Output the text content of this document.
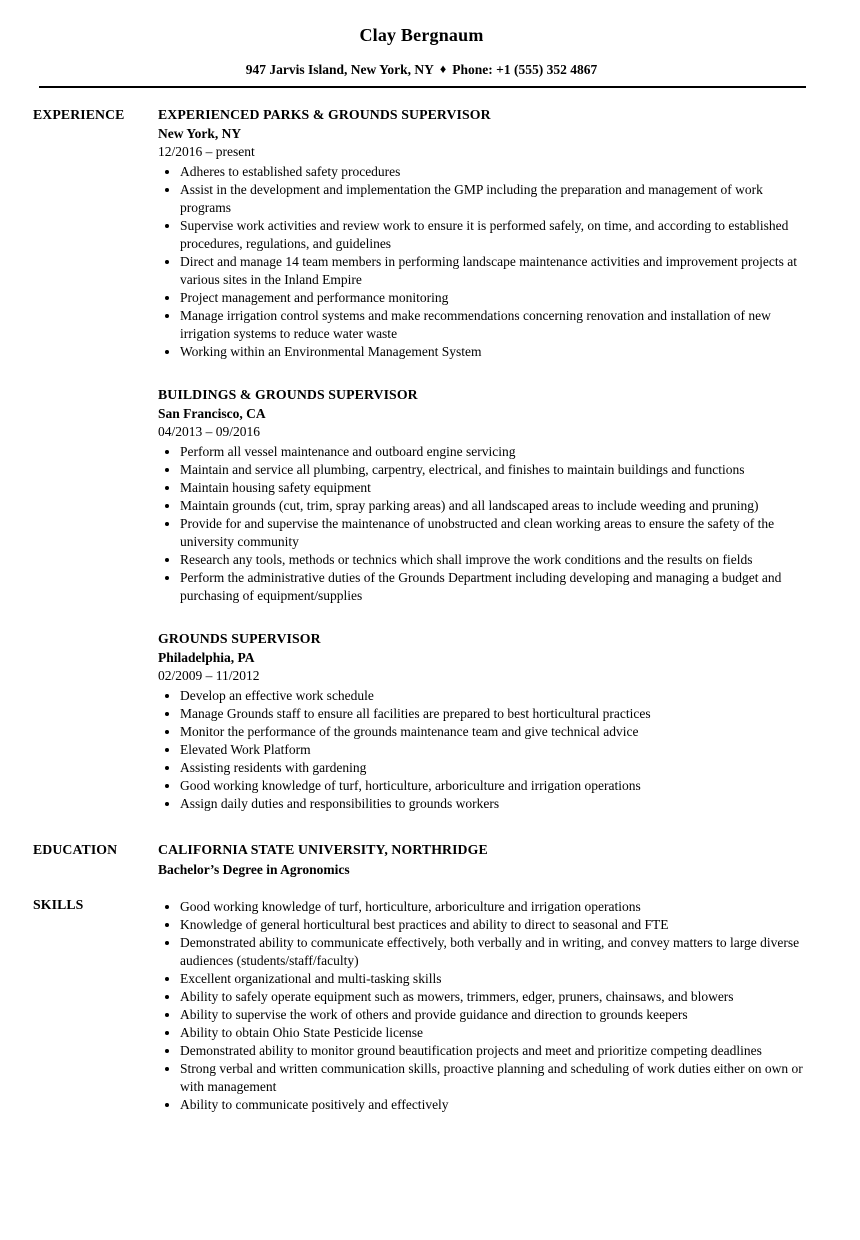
Clay Bergnaum
947 Jarvis Island, New York, NY ♦ Phone: +1 (555) 352 4867
EXPERIENCE	EXPERIENCED PARKS & GROUNDS SUPERVISOR
New York, NY
12/2016 – present
• Adheres to established safety procedures
• Assist in the development and implementation the GMP including the preparation and management of work programs
• Supervise work activities and review work to ensure it is performed safely, on time, and according to established procedures, regulations, and guidelines
• Direct and manage 14 team members in performing landscape maintenance activities and improvement projects at various sites in the Inland Empire
• Project management and performance monitoring
• Manage irrigation control systems and make recommendations concerning renovation and installation of new irrigation systems to reduce water waste
• Working within an Environmental Management System
BUILDINGS & GROUNDS SUPERVISOR
San Francisco, CA
04/2013 – 09/2016
• Perform all vessel maintenance and outboard engine servicing
• Maintain and service all plumbing, carpentry, electrical, and finishes to maintain buildings and functions
• Maintain housing safety equipment
• Maintain grounds (cut, trim, spray parking areas) and all landscaped areas to include weeding and pruning)
• Provide for and supervise the maintenance of unobstructed and clean working areas to ensure the safety of the university community
• Research any tools, methods or technics which shall improve the work conditions and the results on fields
• Perform the administrative duties of the Grounds Department including developing and managing a budget and purchasing of equipment/supplies
GROUNDS SUPERVISOR
Philadelphia, PA
02/2009 – 11/2012
• Develop an effective work schedule
• Manage Grounds staff to ensure all facilities are prepared to best horticultural practices
• Monitor the performance of the grounds maintenance team and give technical advice
• Elevated Work Platform
• Assisting residents with gardening
• Good working knowledge of turf, horticulture, arboriculture and irrigation operations
• Assign daily duties and responsibilities to grounds workers
EDUCATION	CALIFORNIA STATE UNIVERSITY, NORTHRIDGE
Bachelor’s Degree in Agronomics
SKILLS	• Good working knowledge of turf, horticulture, arboriculture and irrigation operations
• Knowledge of general horticultural best practices and ability to direct to seasonal and FTE
• Demonstrated ability to communicate effectively, both verbally and in writing, and convey matters to large diverse audiences (students/staff/faculty)
• Excellent organizational and multi-tasking skills
• Ability to safely operate equipment such as mowers, trimmers, edger, pruners, chainsaws, and blowers
• Ability to supervise the work of others and provide guidance and direction to grounds keepers
• Ability to obtain Ohio State Pesticide license
• Demonstrated ability to monitor ground beautification projects and meet and prioritize competing deadlines
• Strong verbal and written communication skills, proactive planning and scheduling of work duties either on own or with management
• Ability to communicate positively and effectively
